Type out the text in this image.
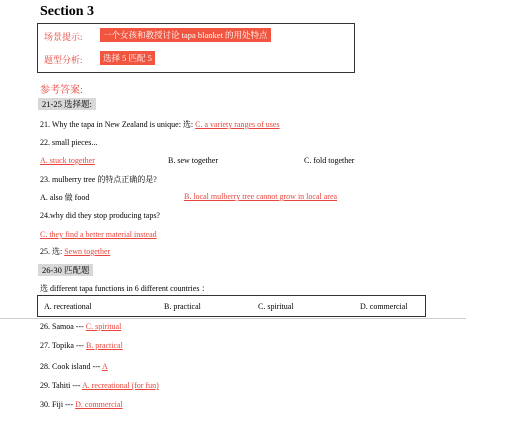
Section 3
场景提示:	一个女孩和教授讨论 tapa blanket 的用处特点
题型分析:	选择 5 匹配 5
参考答案:
21-25 选择题:
21. Why the tapa in New Zealand is unique: 选: C. a variety ranges of uses
22. small pieces...
A. stuck together	B. sew together	C. fold together
23. mulberry tree 的特点正确的是?
A. also 做 food	B. local mulberry tree cannot grow in local area
24.why did they stop producing taps?
C. they find a better material instead
25. 选: Sewn together
26-30 匹配题
选 different tapa functions in 6 different countries ：
A. recreational	B. practical	C. spiritual	D. commercial
26. Samoa --- C. spiritual
27. Topika --- B. practical
28. Cook island --- A
29. Tahiti --- A. recreational (for fun)
30. Fiji --- D. commercial
